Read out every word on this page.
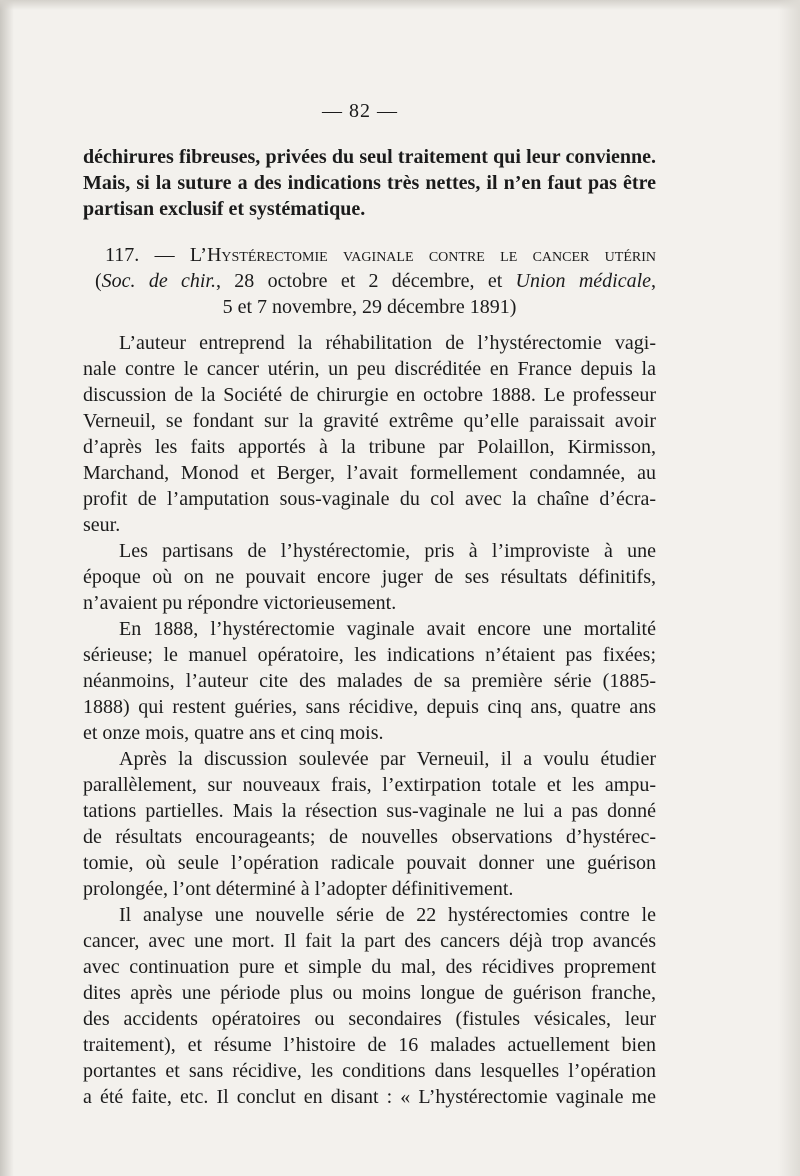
— 82 —
déchirures fibreuses, privées du seul traitement qui leur convienne.
Mais, si la suture a des indications très nettes, il n’en faut pas être
partisan exclusif et systématique.
117. — L’Hystérectomie vaginale contre le cancer utérin
(Soc. de chir., 28 octobre et 2 décembre, et Union médicale,
5 et 7 novembre, 29 décembre 1891)
L’auteur entreprend la réhabilitation de l’hystérectomie vagi-
nale contre le cancer utérin, un peu discréditée en France depuis la
discussion de la Société de chirurgie en octobre 1888. Le professeur
Verneuil, se fondant sur la gravité extrême qu’elle paraissait avoir
d’après les faits apportés à la tribune par Polaillon, Kirmisson,
Marchand, Monod et Berger, l’avait formellement condamnée, au
profit de l’amputation sous-vaginale du col avec la chaîne d’écra-
seur.
Les partisans de l’hystérectomie, pris à l’improviste à une
époque où on ne pouvait encore juger de ses résultats définitifs,
n’avaient pu répondre victorieusement.
En 1888, l’hystérectomie vaginale avait encore une mortalité
sérieuse; le manuel opératoire, les indications n’étaient pas fixées;
néanmoins, l’auteur cite des malades de sa première série (1885-
1888) qui restent guéries, sans récidive, depuis cinq ans, quatre ans
et onze mois, quatre ans et cinq mois.
Après la discussion soulevée par Verneuil, il a voulu étudier
parallèlement, sur nouveaux frais, l’extirpation totale et les ampu-
tations partielles. Mais la résection sus-vaginale ne lui a pas donné
de résultats encourageants; de nouvelles observations d’hystérec-
tomie, où seule l’opération radicale pouvait donner une guérison
prolongée, l’ont déterminé à l’adopter définitivement.
Il analyse une nouvelle série de 22 hystérectomies contre le
cancer, avec une mort. Il fait la part des cancers déjà trop avancés
avec continuation pure et simple du mal, des récidives proprement
dites après une période plus ou moins longue de guérison franche,
des accidents opératoires ou secondaires (fistules vésicales, leur
traitement), et résume l’histoire de 16 malades actuellement bien
portantes et sans récidive, les conditions dans lesquelles l’opération
a été faite, etc. Il conclut en disant : « L’hystérectomie vaginale me
